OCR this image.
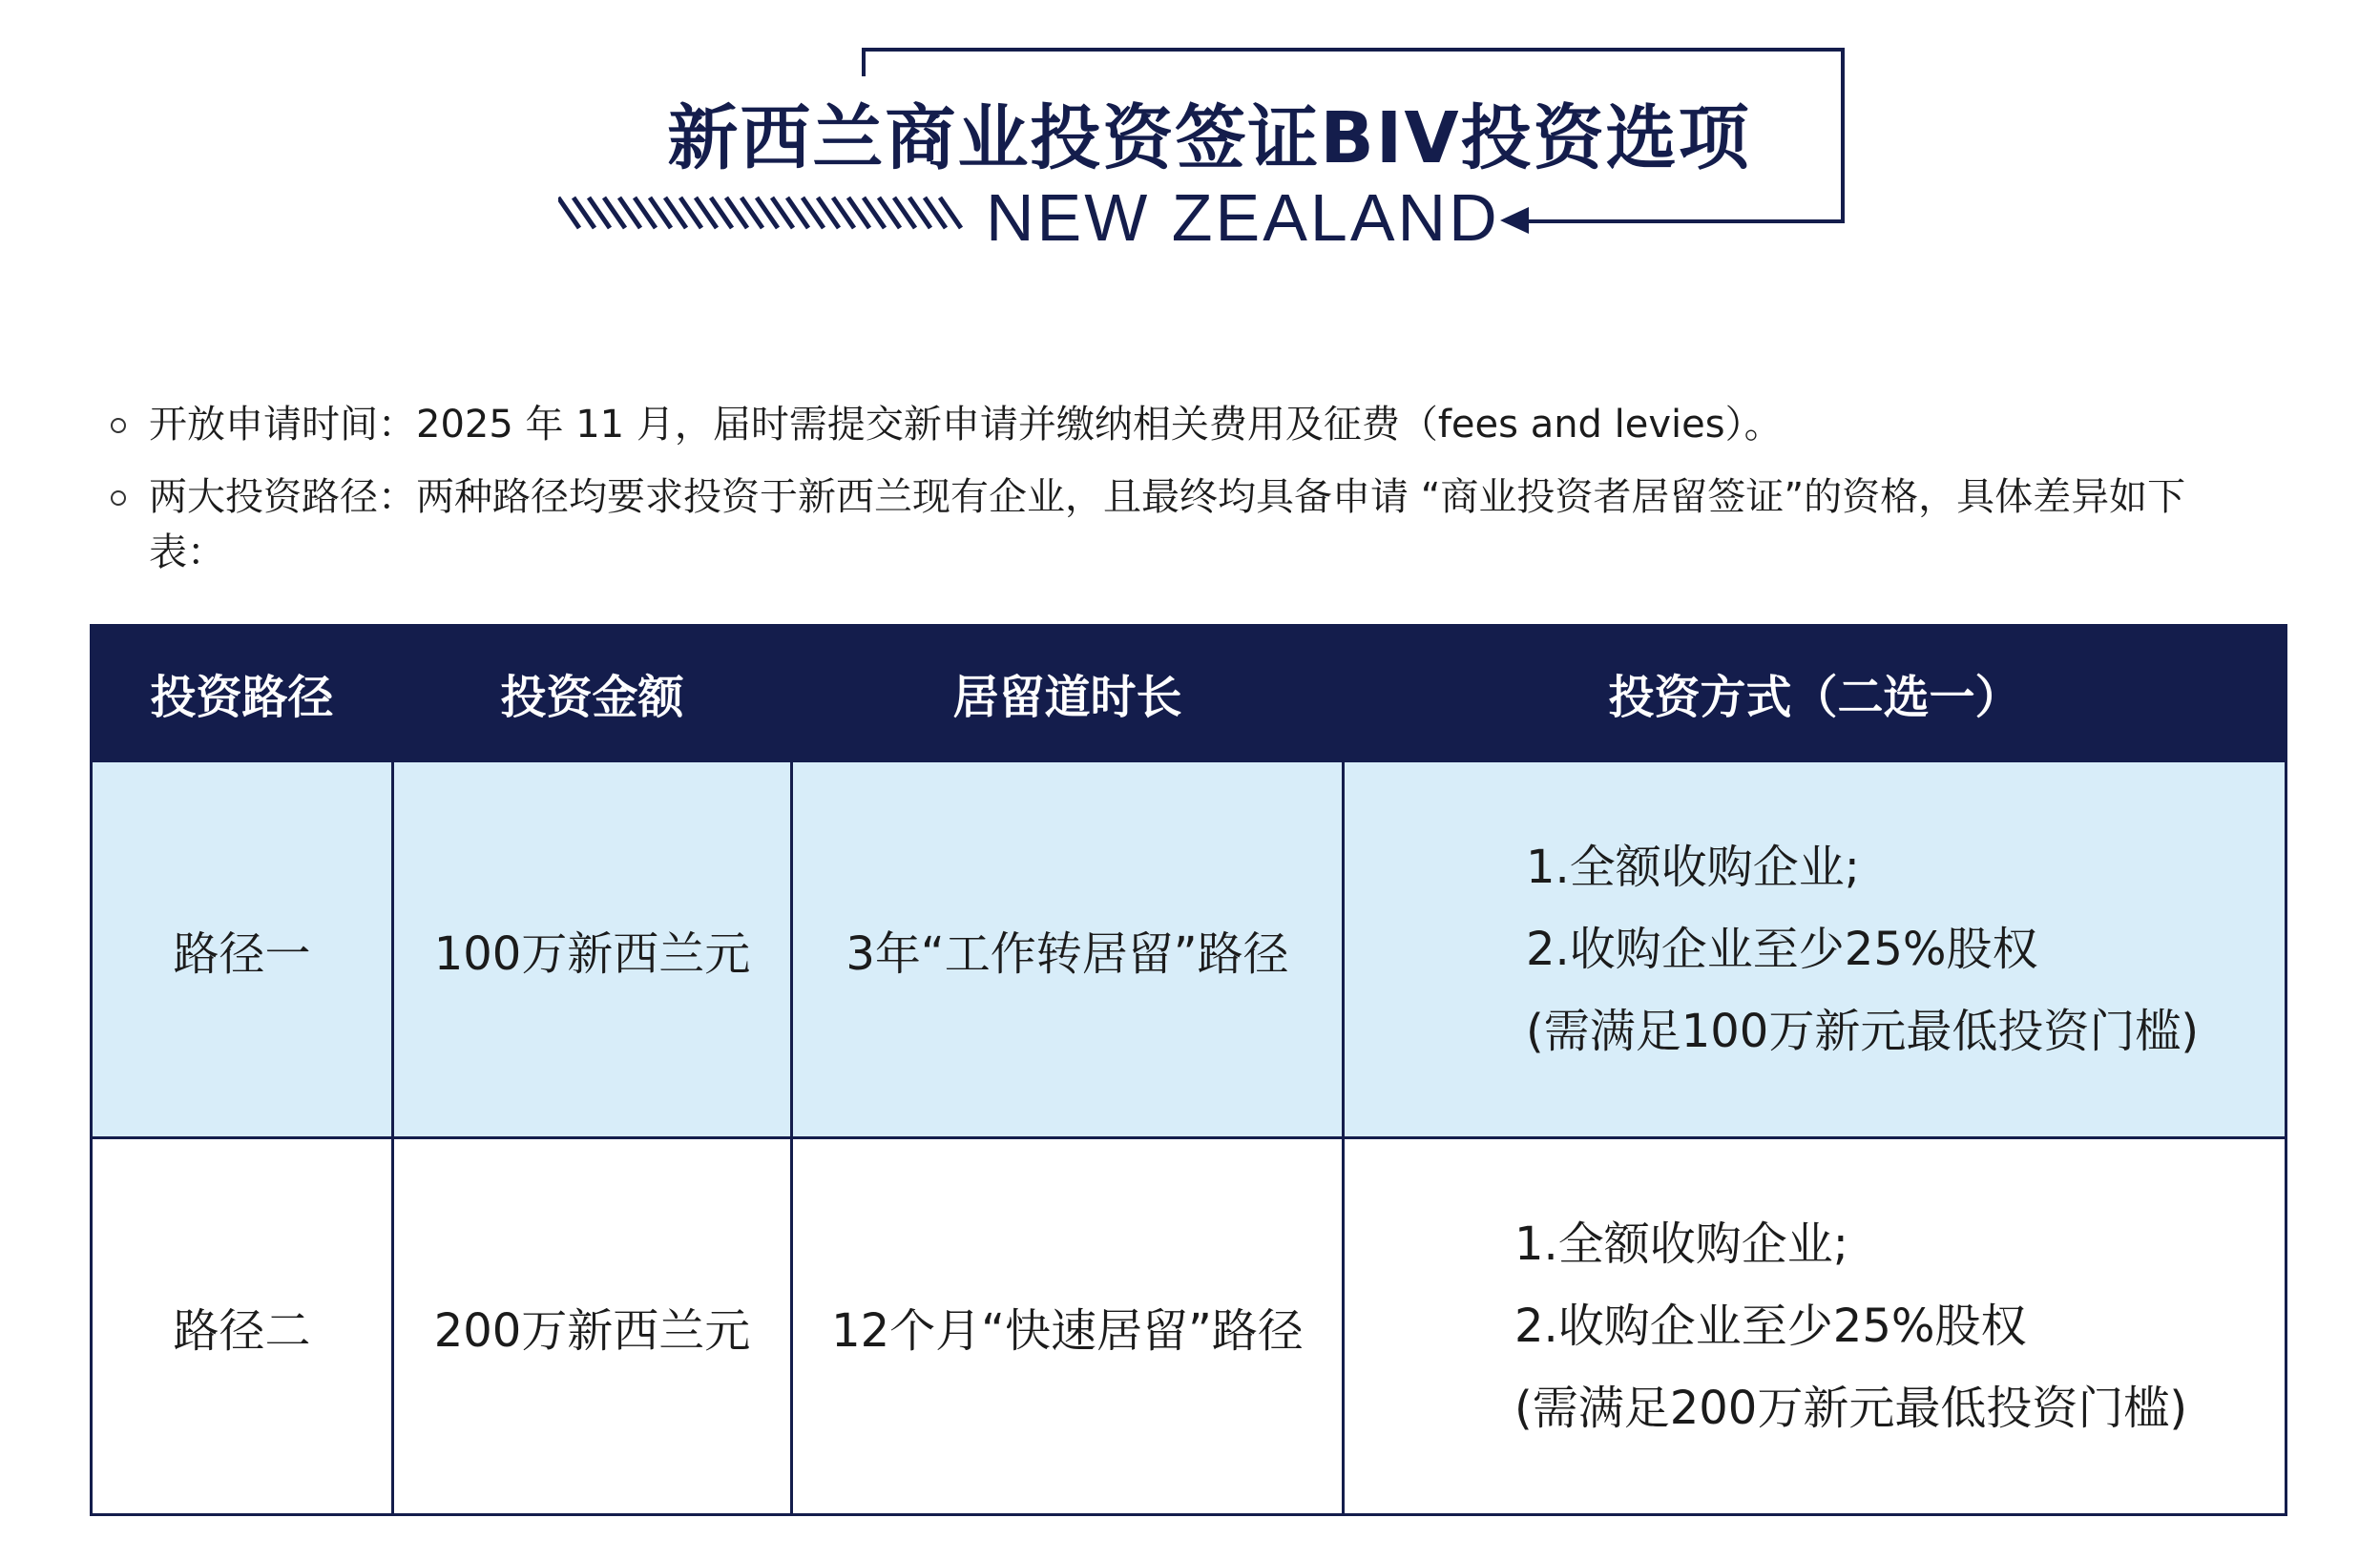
新西兰商业投资签证BIV投资选项
NEW ZEALAND
开放申请时间：2025 年 11 月，届时需提交新申请并缴纳相关费用及征费（fees and levies）。
两大投资路径：两种路径均要求投资于新西兰现有企业，且最终均具备申请 “商业投资者居留签证”的资格，具体差异如下表：
投资路径	投资金额	居留道时长	投资方式（二选一）
路径一	100万新西兰元	3年“工作转居留”路径	1.全额收购企业;
2.收购企业至少25%股权
(需满足100万新元最低投资门槛)

路径二	200万新西兰元	12个月“快速居留”路径	1.全额收购企业;
2.收购企业至少25%股权
(需满足200万新元最低投资门槛)
